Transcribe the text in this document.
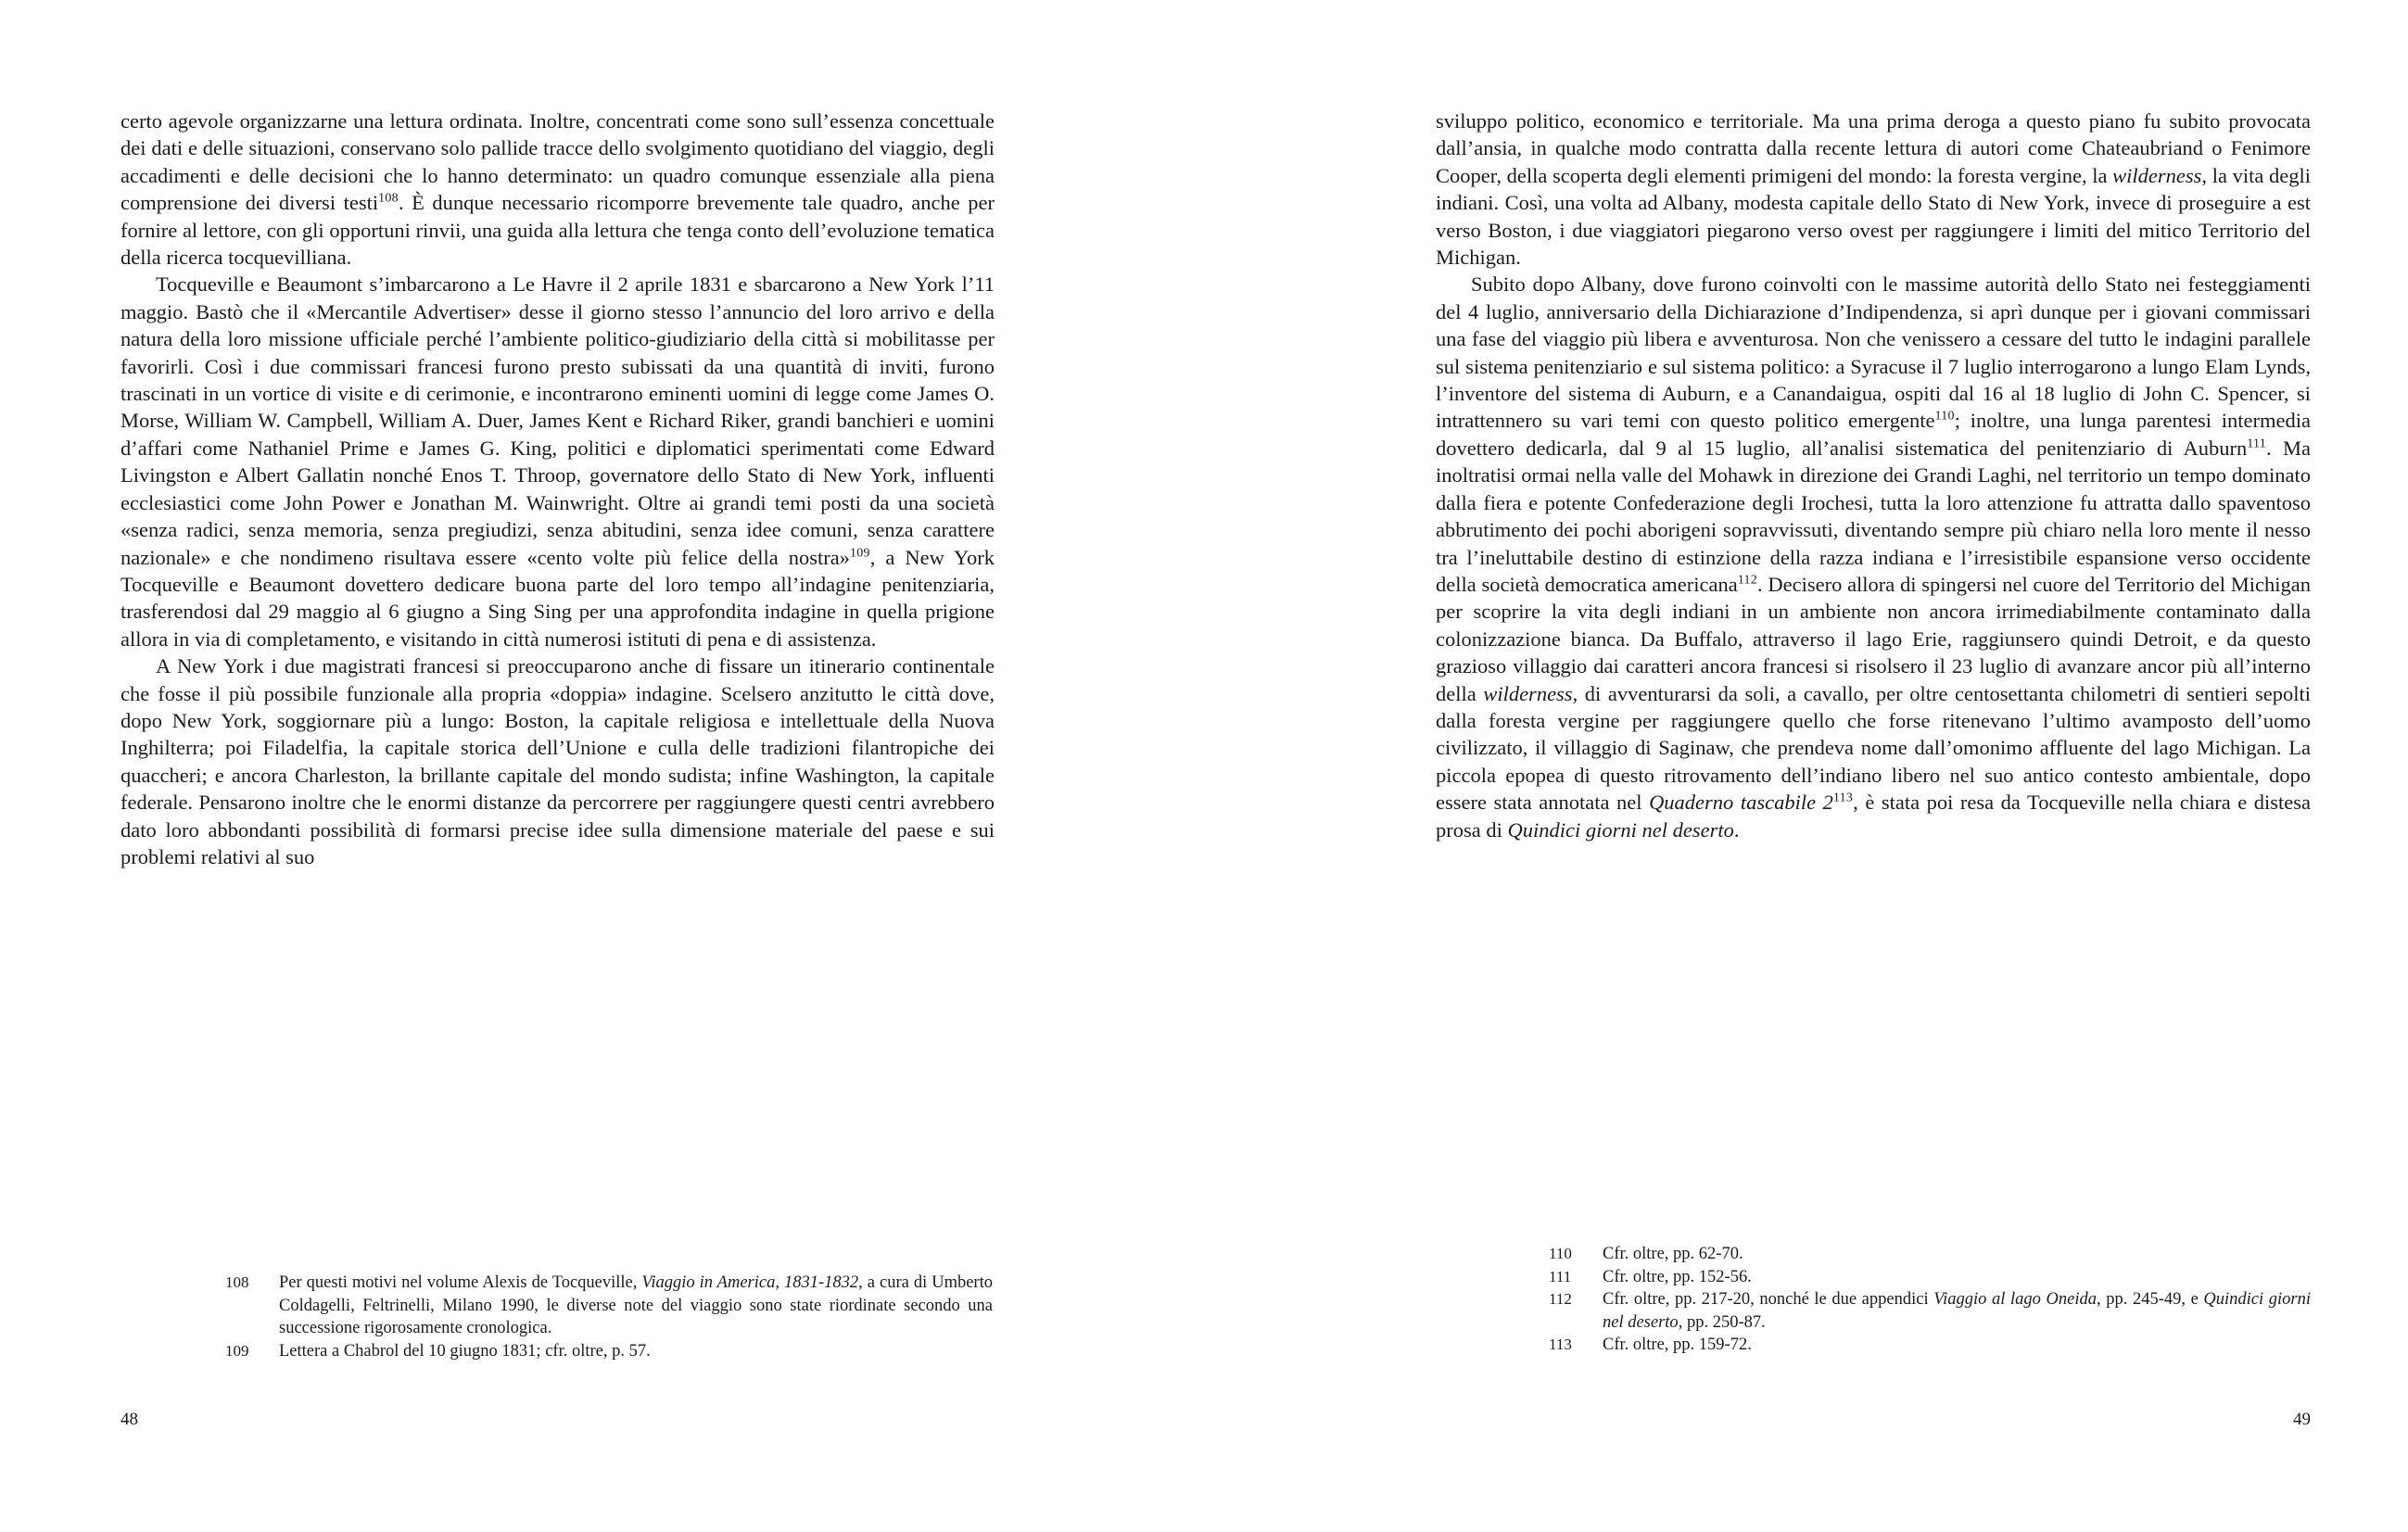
certo agevole organizzarne una lettura ordinata. Inoltre, concentrati come sono sull’essenza concettuale dei dati e delle situazioni, conservano solo pallide tracce dello svolgimento quotidiano del viaggio, degli accadimenti e delle decisioni che lo hanno determinato: un quadro comunque essenziale alla piena comprensione dei diversi testi$^{108}$. È dunque necessario ricomporre brevemente tale quadro, anche per fornire al lettore, con gli opportuni rinvii, una guida alla lettura che tenga conto dell’evoluzione tematica della ricerca tocquevilliana.

Tocqueville e Beaumont s’imbarcarono a Le Havre il 2 aprile 1831 e sbarcarono a New York l’11 maggio. Bastò che il «Mercantile Advertiser» desse il giorno stesso l’annuncio del loro arrivo e della natura della loro missione ufficiale perché l’ambiente politico-giudiziario della città si mobilitasse per favorirli. Così i due commissari francesi furono presto subissati da una quantità di inviti, furono trascinati in un vortice di visite e di cerimonie, e incontrarono eminenti uomini di legge come James O. Morse, William W. Campbell, William A. Duer, James Kent e Richard Riker, grandi banchieri e uomini d’affari come Nathaniel Prime e James G. King, politici e diplomatici sperimentati come Edward Livingston e Albert Gallatin nonché Enos T. Throop, governatore dello Stato di New York, influenti ecclesiastici come John Power e Jonathan M. Wainwright. Oltre ai grandi temi posti da una società «senza radici, senza memoria, senza pregiudizi, senza abitudini, senza idee comuni, senza carattere nazionale» e che nondimeno risultava essere «cento volte più felice della nostra»$^{109}$, a New York Tocqueville e Beaumont dovettero dedicare buona parte del loro tempo all’indagine penitenziaria, trasferendosi dal 29 maggio al 6 giugno a Sing Sing per una approfondita indagine in quella prigione allora in via di completamento, e visitando in città numerosi istituti di pena e di assistenza.

A New York i due magistrati francesi si preoccuparono anche di fissare un itinerario continentale che fosse il più possibile funzionale alla propria «doppia» indagine. Scelsero anzitutto le città dove, dopo New York, soggiornare più a lungo: Boston, la capitale religiosa e intellettuale della Nuova Inghilterra; poi Filadelfia, la capitale storica dell’Unione e culla delle tradizioni filantropiche dei quaccheri; e ancora Charleston, la brillante capitale del mondo sudista; infine Washington, la capitale federale. Pensarono inoltre che le enormi distanze da percorrere per raggiungere questi centri avrebbero dato loro abbondanti possibilità di formarsi precise idee sulla dimensione materiale del paese e sui problemi relativi al suo

108	Per questi motivi nel volume Alexis de Tocqueville, Viaggio in America, 1831-1832, a cura di Umberto Coldagelli, Feltrinelli, Milano 1990, le diverse note del viaggio sono state riordinate secondo una successione rigorosamente cronologica.
109	Lettera a Chabrol del 10 giugno 1831; cfr. oltre, p. 57.
48

sviluppo politico, economico e territoriale. Ma una prima deroga a questo piano fu subito provocata dall’ansia, in qualche modo contratta dalla recente lettura di autori come Chateaubriand o Fenimore Cooper, della scoperta degli elementi primigeni del mondo: la foresta vergine, la wilderness, la vita degli indiani. Così, una volta ad Albany, modesta capitale dello Stato di New York, invece di proseguire a est verso Boston, i due viaggiatori piegarono verso ovest per raggiungere i limiti del mitico Territorio del Michigan.

Subito dopo Albany, dove furono coinvolti con le massime autorità dello Stato nei festeggiamenti del 4 luglio, anniversario della Dichiarazione d’Indipendenza, si aprì dunque per i giovani commissari una fase del viaggio più libera e avventurosa. Non che venissero a cessare del tutto le indagini parallele sul sistema penitenziario e sul sistema politico: a Syracuse il 7 luglio interrogarono a lungo Elam Lynds, l’inventore del sistema di Auburn, e a Canandaigua, ospiti dal 16 al 18 luglio di John C. Spencer, si intrattennero su vari temi con questo politico emergente$^{110}$; inoltre, una lunga parentesi intermedia dovettero dedicarla, dal 9 al 15 luglio, all’analisi sistematica del penitenziario di Auburn$^{111}$. Ma inoltratisi ormai nella valle del Mohawk in direzione dei Grandi Laghi, nel territorio un tempo dominato dalla fiera e potente Confederazione degli Irochesi, tutta la loro attenzione fu attratta dallo spaventoso abbrutimento dei pochi aborigeni sopravvissuti, diventando sempre più chiaro nella loro mente il nesso tra l’ineluttabile destino di estinzione della razza indiana e l’irresistibile espansione verso occidente della società democratica americana$^{112}$. Decisero allora di spingersi nel cuore del Territorio del Michigan per scoprire la vita degli indiani in un ambiente non ancora irrimediabilmente contaminato dalla colonizzazione bianca. Da Buffalo, attraverso il lago Erie, raggiunsero quindi Detroit, e da questo grazioso villaggio dai caratteri ancora francesi si risolsero il 23 luglio di avanzare ancor più all’interno della wilderness, di avventurarsi da soli, a cavallo, per oltre centosettanta chilometri di sentieri sepolti dalla foresta vergine per raggiungere quello che forse ritenevano l’ultimo avamposto dell’uomo civilizzato, il villaggio di Saginaw, che prendeva nome dall’omonimo affluente del lago Michigan. La piccola epopea di questo ritrovamento dell’indiano libero nel suo antico contesto ambientale, dopo essere stata annotata nel Quaderno tascabile 2$^{113}$, è stata poi resa da Tocqueville nella chiara e distesa prosa di Quindici giorni nel deserto.

110	Cfr. oltre, pp. 62-70.
111	Cfr. oltre, pp. 152-56.
112	Cfr. oltre, pp. 217-20, nonché le due appendici Viaggio al lago Oneida, pp. 245-49, e Quindici giorni nel deserto, pp. 250-87.
113	Cfr. oltre, pp. 159-72.
49
